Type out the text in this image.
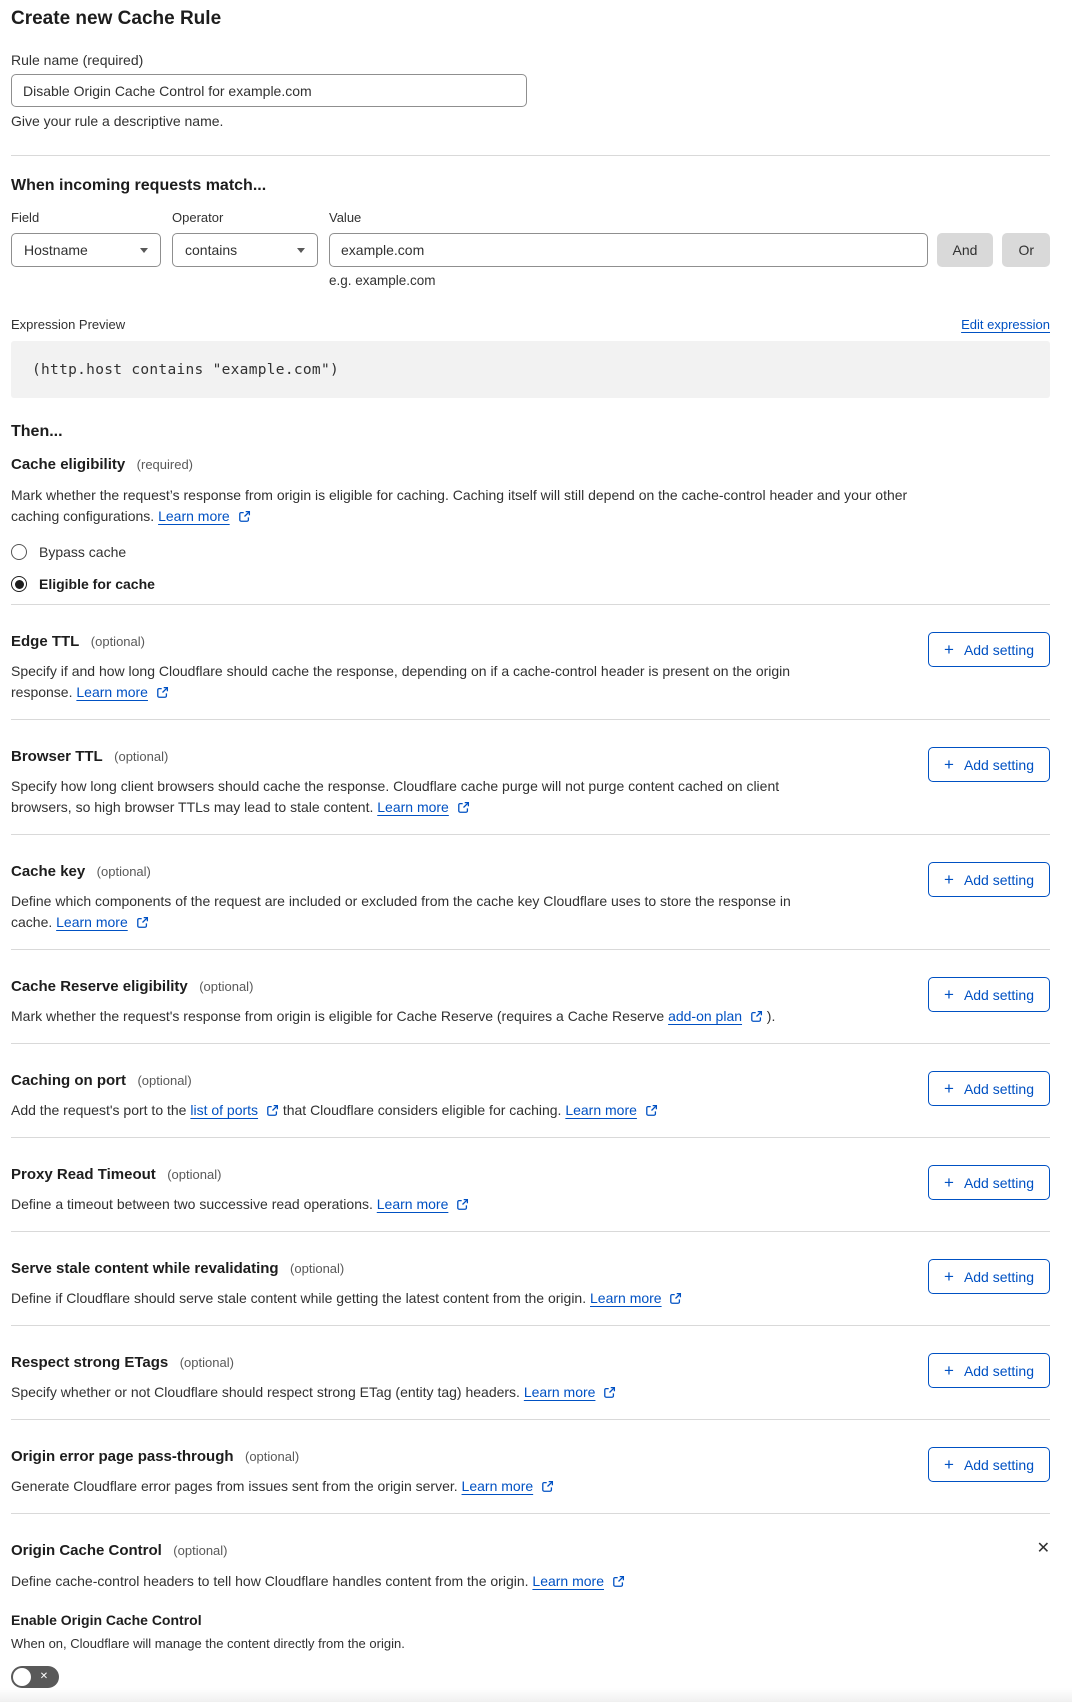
Create new Cache Rule
Rule name (required)
Disable Origin Cache Control for example.com
Give your rule a descriptive name.
When incoming requests match...
Field
Hostname
Operator
contains
Value
example.com
e.g. example.com
And	Or
Expression Preview	Edit expression
(http.host contains "example.com")
Then...
Cache eligibility (required)

Mark whether the request’s response from origin is eligible for caching. Caching itself will still depend on the cache-control header and your other caching configurations. Learn more

Bypass cache
Eligible for cache
Edge TTL (optional)

Specify if and how long Cloudflare should cache the response, depending on if a cache-control header is present on the origin response. Learn more

+ Add setting
Browser TTL (optional)

Specify how long client browsers should cache the response. Cloudflare cache purge will not purge content cached on client browsers, so high browser TTLs may lead to stale content. Learn more

+ Add setting
Cache key (optional)

Define which components of the request are included or excluded from the cache key Cloudflare uses to store the response in cache. Learn more

+ Add setting
Cache Reserve eligibility (optional)

Mark whether the request's response from origin is eligible for Cache Reserve (requires a Cache Reserve add-on plan  ).

+ Add setting
Caching on port (optional)

Add the request's port to the list of ports  that Cloudflare considers eligible for caching. Learn more

+ Add setting
Proxy Read Timeout (optional)

Define a timeout between two successive read operations. Learn more

+ Add setting
Serve stale content while revalidating (optional)

Define if Cloudflare should serve stale content while getting the latest content from the origin. Learn more

+ Add setting
Respect strong ETags (optional)

Specify whether or not Cloudflare should respect strong ETag (entity tag) headers. Learn more

+ Add setting
Origin error page pass-through (optional)

Generate Cloudflare error pages from issues sent from the origin server. Learn more

+ Add setting
Origin Cache Control (optional)	✕

Define cache-control headers to tell how Cloudflare handles content from the origin. Learn more

Enable Origin Cache Control
When on, Cloudflare will manage the content directly from the origin.
✕
